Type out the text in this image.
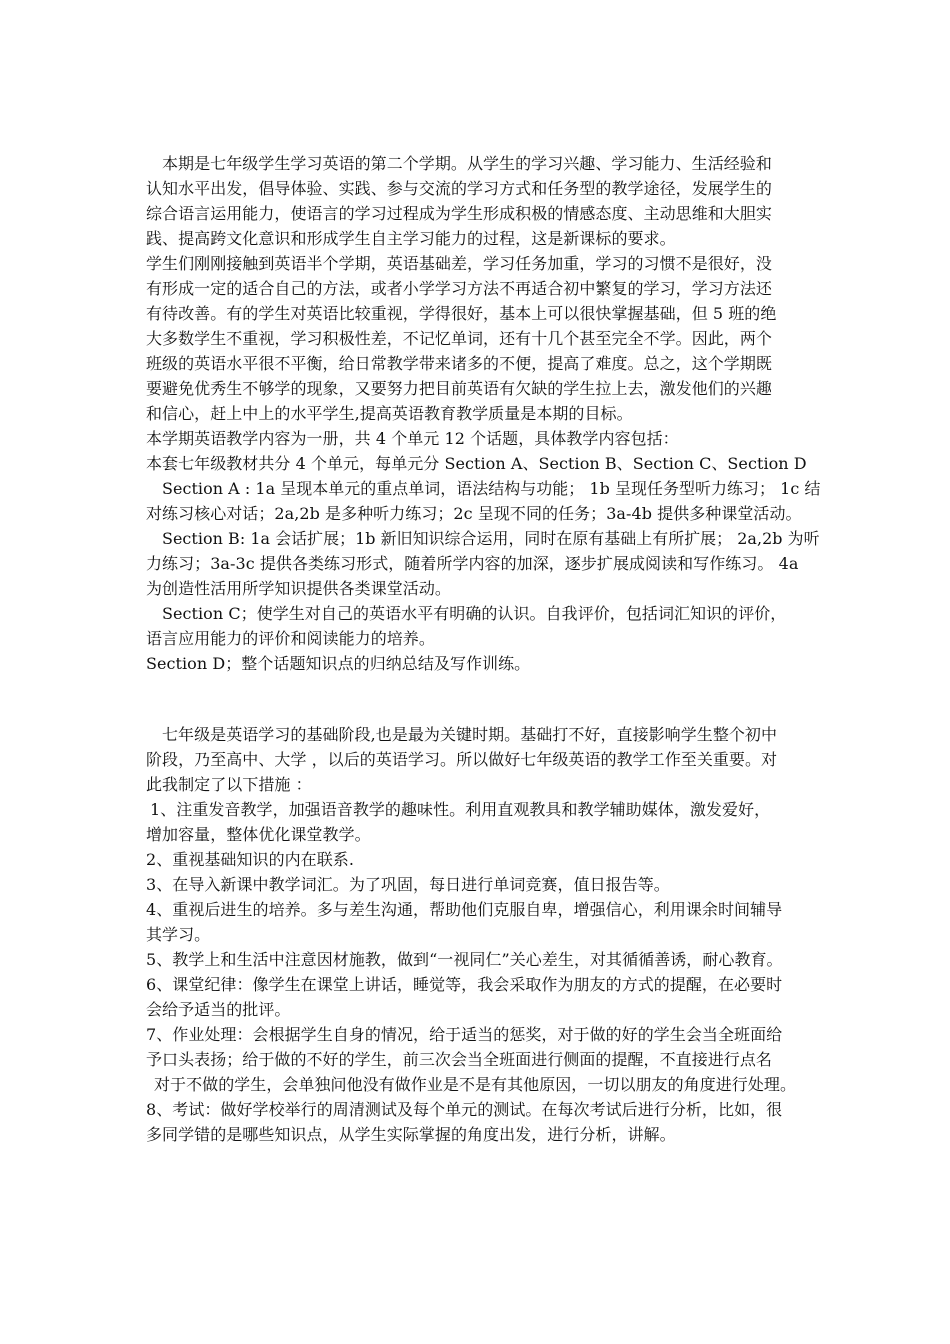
本期是七年级学生学习英语的第二个学期。从学生的学习兴趣、学习能力、生活经验和
认知水平出发，倡导体验、实践、参与交流的学习方式和任务型的教学途径，发展学生的
综合语言运用能力，使语言的学习过程成为学生形成积极的情感态度、主动思维和大胆实
践、提高跨文化意识和形成学生自主学习能力的过程，这是新课标的要求。
学生们刚刚接触到英语半个学期，英语基础差，学习任务加重，学习的习惯不是很好，没
有形成一定的适合自己的方法，或者小学学习方法不再适合初中繁复的学习，学习方法还
有待改善。有的学生对英语比较重视，学得很好，基本上可以很快掌握基础，但 5 班的绝
大多数学生不重视，学习积极性差，不记忆单词，还有十几个甚至完全不学。因此，两个
班级的英语水平很不平衡，给日常教学带来诸多的不便，提高了难度。总之，这个学期既
要避免优秀生不够学的现象，又要努力把目前英语有欠缺的学生拉上去，激发他们的兴趣
和信心，赶上中上的水平学生,提高英语教育教学质量是本期的目标。
本学期英语教学内容为一册，共 4 个单元 12 个话题，具体教学内容包括：
本套七年级教材共分 4 个单元，每单元分 Section A、Section B、Section C、Section D
Section A : 1a 呈现本单元的重点单词，语法结构与功能； 1b 呈现任务型听力练习； 1c 结
对练习核心对话；2a,2b 是多种听力练习；2c 呈现不同的任务；3a-4b 提供多种课堂活动。
Section B: 1a 会话扩展；1b 新旧知识综合运用，同时在原有基础上有所扩展； 2a,2b 为听
力练习；3a-3c 提供各类练习形式，随着所学内容的加深，逐步扩展成阅读和写作练习。 4a
为创造性活用所学知识提供各类课堂活动。
Section C；使学生对自己的英语水平有明确的认识。自我评价，包括词汇知识的评价，
语言应用能力的评价和阅读能力的培养。
Section D；整个话题知识点的归纳总结及写作训练。
七年级是英语学习的基础阶段,也是最为关键时期。基础打不好，直接影响学生整个初中
阶段，乃至高中、大学 ，以后的英语学习。所以做好七年级英语的教学工作至关重要。对
此我制定了以下措施 ：
1、注重发音教学，加强语音教学的趣味性。利用直观教具和教学辅助媒体，激发爱好，
增加容量，整体优化课堂教学。
2、重视基础知识的内在联系.
3、在导入新课中教学词汇。为了巩固，每日进行单词竞赛，值日报告等。
4、重视后进生的培养。多与差生沟通，帮助他们克服自卑，增强信心，利用课余时间辅导
其学习。
5、教学上和生活中注意因材施教，做到“一视同仁”关心差生，对其循循善诱，耐心教育。
6、课堂纪律：像学生在课堂上讲话，睡觉等，我会采取作为朋友的方式的提醒，在必要时
会给予适当的批评。
7、作业处理：会根据学生自身的情况，给于适当的惩奖，对于做的好的学生会当全班面给
予口头表扬；给于做的不好的学生，前三次会当全班面进行侧面的提醒，不直接进行点名
对于不做的学生，会单独问他没有做作业是不是有其他原因，一切以朋友的角度进行处理。
8、考试：做好学校举行的周清测试及每个单元的测试。在每次考试后进行分析，比如，很
多同学错的是哪些知识点，从学生实际掌握的角度出发，进行分析，讲解。
